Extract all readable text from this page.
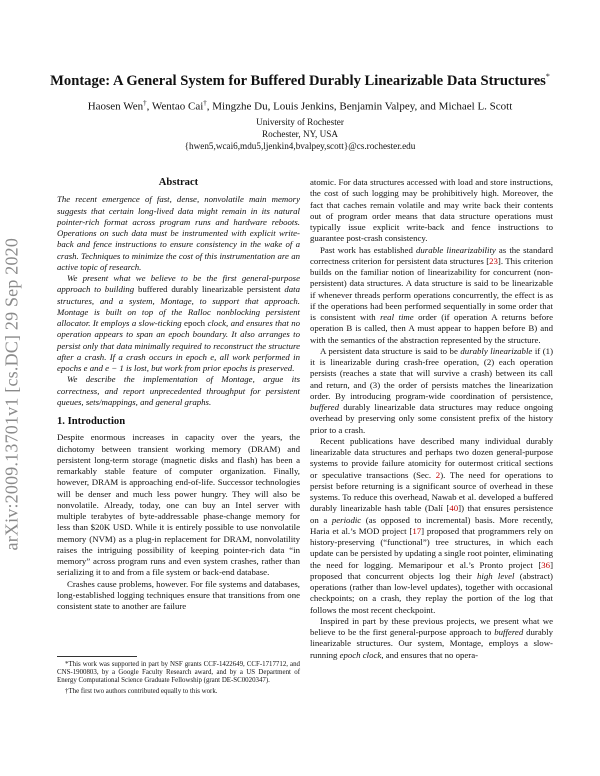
arXiv:2009.13701v1 [cs.DC] 29 Sep 2020
Montage: A General System for Buffered Durably Linearizable Data Structures*
Haosen Wen†, Wentao Cai†, Mingzhe Du, Louis Jenkins, Benjamin Valpey, and Michael L. Scott
University of Rochester
Rochester, NY, USA
{hwen5,wcai6,mdu5,ljenkin4,bvalpey,scott}@cs.rochester.edu
Abstract

The recent emergence of fast, dense, nonvolatile main memory suggests that certain long-lived data might remain in its natural pointer-rich format across program runs and hardware reboots. Operations on such data must be instrumented with explicit write-back and fence instructions to ensure consistency in the wake of a crash. Techniques to minimize the cost of this instrumentation are an active topic of research.

We present what we believe to be the first general-purpose approach to building buffered durably linearizable persistent data structures, and a system, Montage, to support that approach. Montage is built on top of the Ralloc nonblocking persistent allocator. It employs a slow-ticking epoch clock, and ensures that no operation appears to span an epoch boundary. It also arranges to persist only that data minimally required to reconstruct the structure after a crash. If a crash occurs in epoch e, all work performed in epochs e and e − 1 is lost, but work from prior epochs is preserved.

We describe the implementation of Montage, argue its correctness, and report unprecedented throughput for persistent queues, sets/mappings, and general graphs.

1. Introduction

Despite enormous increases in capacity over the years, the dichotomy between transient working memory (DRAM) and persistent long-term storage (magnetic disks and flash) has been a remarkably stable feature of computer organization. Finally, however, DRAM is approaching end-of-life. Successor technologies will be denser and much less power hungry. They will also be nonvolatile. Already, today, one can buy an Intel server with multiple terabytes of byte-addressable phase-change memory for less than $20K USD. While it is entirely possible to use nonvolatile memory (NVM) as a plug-in replacement for DRAM, nonvolatility raises the intriguing possibility of keeping pointer-rich data “in memory” across program runs and even system crashes, rather than serializing it to and from a file system or back-end database.

Crashes cause problems, however. For file systems and databases, long-established logging techniques ensure that transitions from one consistent state to another are failure

*This work was supported in part by NSF grants CCF-1422649, CCF-1717712, and CNS-1900803, by a Google Faculty Research award, and by a US Department of Energy Computational Science Graduate Fellowship (grant DE-SC0020347).

†The first two authors contributed equally to this work.

atomic. For data structures accessed with load and store instructions, the cost of such logging may be prohibitively high. Moreover, the fact that caches remain volatile and may write back their contents out of program order means that data structure operations must typically issue explicit write-back and fence instructions to guarantee post-crash consistency.

Past work has established durable linearizability as the standard correctness criterion for persistent data structures [23]. This criterion builds on the familiar notion of linearizability for concurrent (non-persistent) data structures. A data structure is said to be linearizable if whenever threads perform operations concurrently, the effect is as if the operations had been performed sequentially in some order that is consistent with real time order (if operation A returns before operation B is called, then A must appear to happen before B) and with the semantics of the abstraction represented by the structure.

A persistent data structure is said to be durably linearizable if (1) it is linearizable during crash-free operation, (2) each operation persists (reaches a state that will survive a crash) between its call and return, and (3) the order of persists matches the linearization order. By introducing program-wide coordination of persistence, buffered durably linearizable data structures may reduce ongoing overhead by preserving only some consistent prefix of the history prior to a crash.

Recent publications have described many individual durably linearizable data structures and perhaps two dozen general-purpose systems to provide failure atomicity for outermost critical sections or speculative transactions (Sec. 2). The need for operations to persist before returning is a significant source of overhead in these systems. To reduce this overhead, Nawab et al. developed a buffered durably linearizable hash table (Dalí [40]) that ensures persistence on a periodic (as opposed to incremental) basis. More recently, Haria et al.’s MOD project [17] proposed that programmers rely on history-preserving (“functional”) tree structures, in which each update can be persisted by updating a single root pointer, eliminating the need for logging. Memaripour et al.’s Pronto project [36] proposed that concurrent objects log their high level (abstract) operations (rather than low-level updates), together with occasional checkpoints; on a crash, they replay the portion of the log that follows the most recent checkpoint.

Inspired in part by these previous projects, we present what we believe to be the first general-purpose approach to buffered durably linearizable structures. Our system, Montage, employs a slow-running epoch clock, and ensures that no opera-
